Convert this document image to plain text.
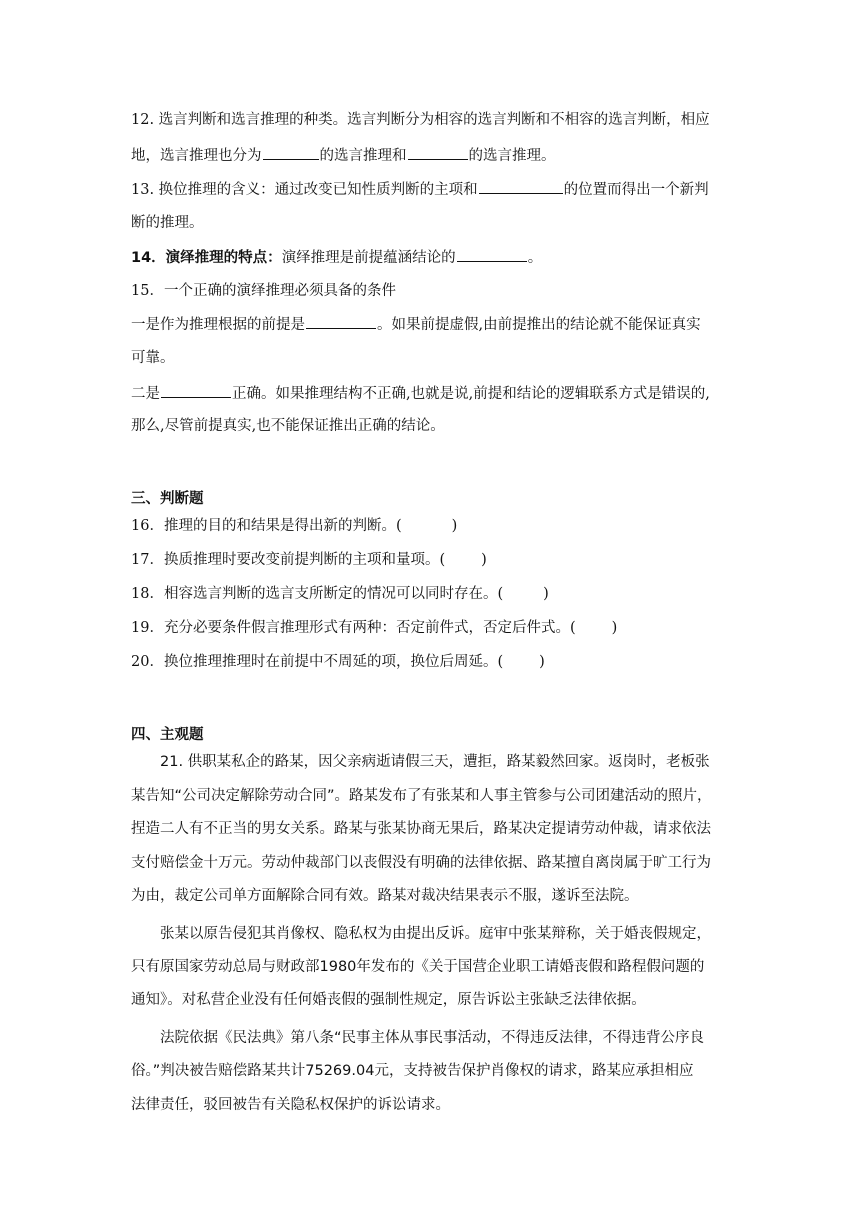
12. 选言判断和选言推理的种类。选言判断分为相容的选言判断和不相容的选言判断，相应
地，选言推理也分为	的选言推理和	的选言推理。
13. 换位推理的含义：通过改变已知性质判断的主项和	的位置而得出一个新判
断的推理。
14．演绎推理的特点：演绎推理是前提蕴涵结论的	。
15．一个正确的演绎推理必须具备的条件
一是作为推理根据的前提是	。如果前提虚假,由前提推出的结论就不能保证真实
可靠。
二是	正确。如果推理结构不正确,也就是说,前提和结论的逻辑联系方式是错误的,
那么,尽管前提真实,也不能保证推出正确的结论。
三、判断题
16．推理的目的和结果是得出新的判断。(	)
17．换质推理时要改变前提判断的主项和量项。( )
18．相容选言判断的选言支所断定的情况可以同时存在。(	)
19．充分必要条件假言推理形式有两种：否定前件式，否定后件式。( )
20．换位推理推理时在前提中不周延的项，换位后周延。( )
四、主观题
21. 供职某私企的路某，因父亲病逝请假三天，遭拒，路某毅然回家。返岗时，老板张
某告知“公司决定解除劳动合同”。路某发布了有张某和人事主管参与公司团建活动的照片，
捏造二人有不正当的男女关系。路某与张某协商无果后，路某决定提请劳动仲裁，请求依法
支付赔偿金十万元。劳动仲裁部门以丧假没有明确的法律依据、路某擅自离岗属于旷工行为
为由，裁定公司单方面解除合同有效。路某对裁决结果表示不服，遂诉至法院。
张某以原告侵犯其肖像权、隐私权为由提出反诉。庭审中张某辩称，关于婚丧假规定，
只有原国家劳动总局与财政部1980年发布的《关于国营企业职工请婚丧假和路程假问题的
通知》。对私营企业没有任何婚丧假的强制性规定，原告诉讼主张缺乏法律依据。
法院依据《民法典》第八条“民事主体从事民事活动，不得违反法律，不得违背公序良
俗。”判决被告赔偿路某共计75269.04元，支持被告保护肖像权的请求，路某应承担相应
法律责任，驳回被告有关隐私权保护的诉讼请求。
